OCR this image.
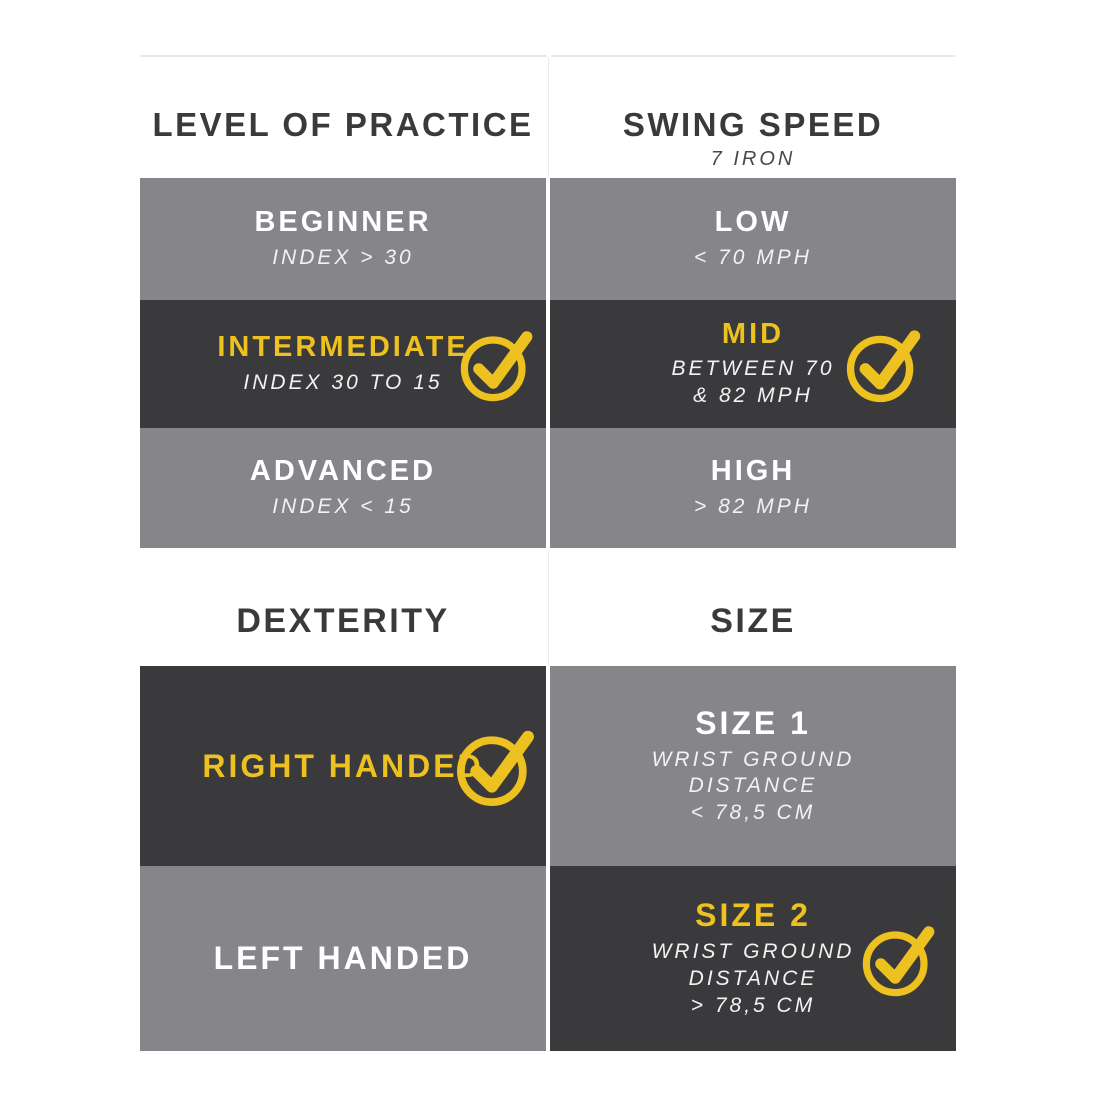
LEVEL OF PRACTICE
BEGINNER
INDEX > 30
INTERMEDIATE
INDEX 30 TO 15
ADVANCED
INDEX < 15
SWING SPEED
7 IRON
LOW
< 70 MPH
MID
BETWEEN 70
& 82 MPH
HIGH
> 82 MPH
DEXTERITY
RIGHT HANDED
LEFT HANDED
SIZE
SIZE 1
WRIST GROUND
DISTANCE
< 78,5 CM
SIZE 2
WRIST GROUND
DISTANCE
> 78,5 CM
